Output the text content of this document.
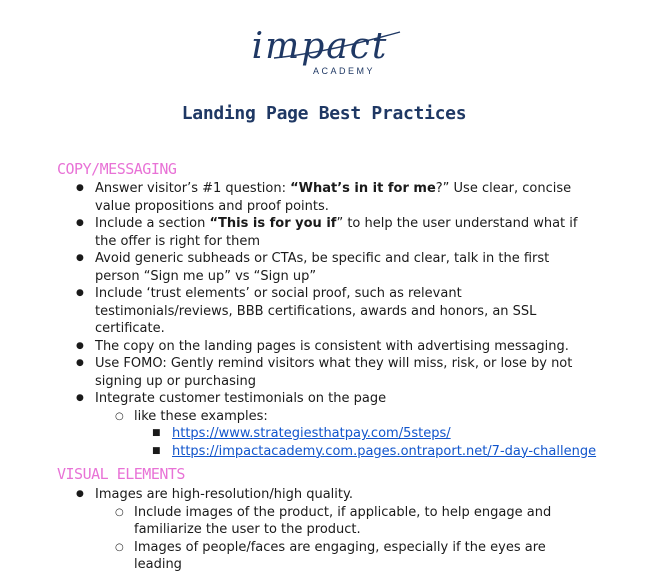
impact
ACADEMY
Landing Page Best Practices
COPY/MESSAGING
● Answer visitor’s #1 question: “What’s in it for me?” Use clear, concise value propositions and proof points.
● Include a section “This is for you if” to help the user understand what if the offer is right for them
● Avoid generic subheads or CTAs, be specific and clear, talk in the first person “Sign me up” vs “Sign up”
● Include ‘trust elements’ or social proof, such as relevant testimonials/reviews, BBB certifications, awards and honors, an SSL certificate.
● The copy on the landing pages is consistent with advertising messaging.
● Use FOMO: Gently remind visitors what they will miss, risk, or lose by not signing up or purchasing
● Integrate customer testimonials on the page
○ like these examples:
■ https://www.strategiesthatpay.com/5steps/
■ https://impactacademy.com.pages.ontraport.net/7-day-challenge
VISUAL ELEMENTS
● Images are high-resolution/high quality.
○ Include images of the product, if applicable, to help engage and familiarize the user to the product.
○ Images of people/faces are engaging, especially if the eyes are leading
